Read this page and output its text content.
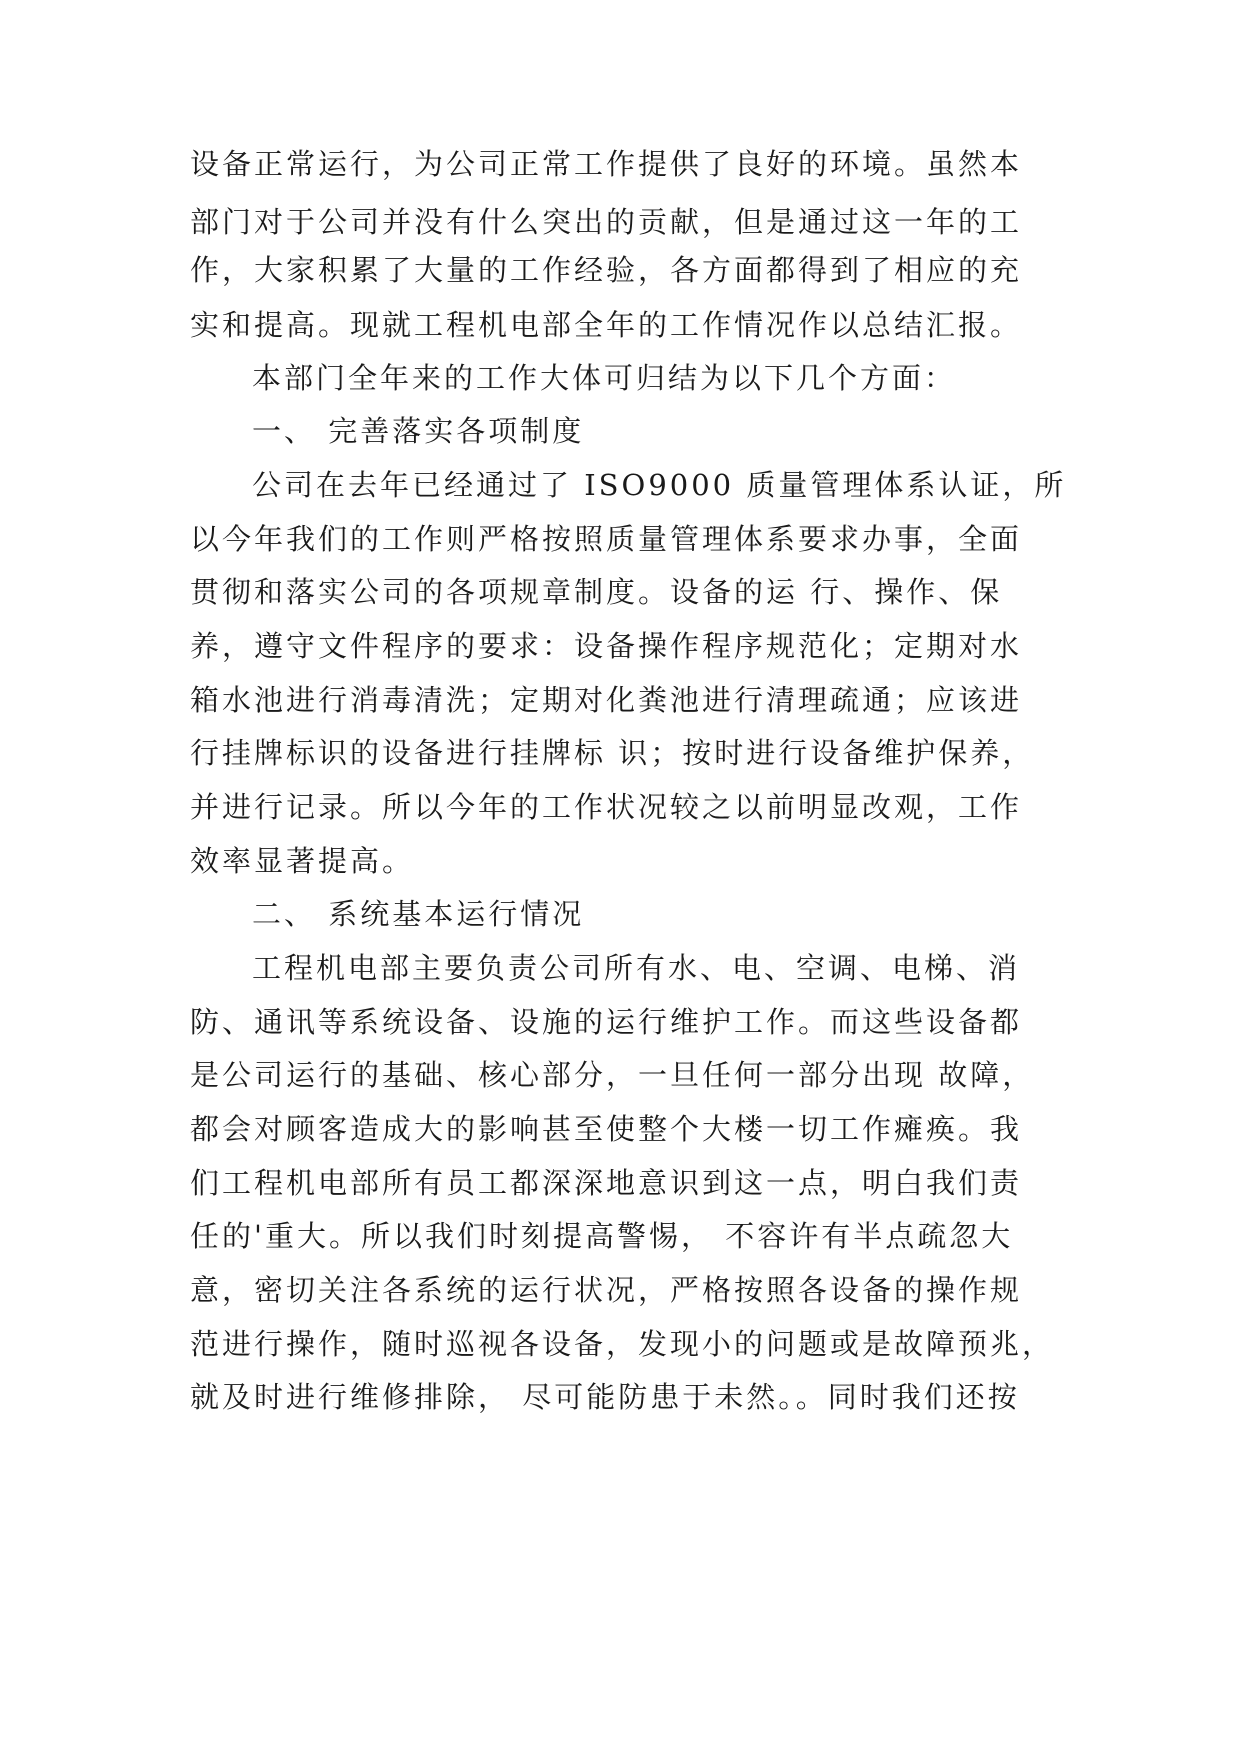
设备正常运行，为公司正常工作提供了良好的环境。虽然本
部门对于公司并没有什么突出的贡献，但是通过这一年的工
作，大家积累了大量的工作经验，各方面都得到了相应的充
实和提高。现就工程机电部全年的工作情况作以总结汇报。
本部门全年来的工作大体可归结为以下几个方面：
一、 完善落实各项制度
公司在去年已经通过了 ISO9000 质量管理体系认证，所
以今年我们的工作则严格按照质量管理体系要求办事，全面
贯彻和落实公司的各项规章制度。设备的运 行、操作、保
养，遵守文件程序的要求：设备操作程序规范化；定期对水
箱水池进行消毒清洗；定期对化粪池进行清理疏通；应该进
行挂牌标识的设备进行挂牌标 识；按时进行设备维护保养，
并进行记录。所以今年的工作状况较之以前明显改观，工作
效率显著提高。
二、 系统基本运行情况
工程机电部主要负责公司所有水、电、空调、电梯、消
防、通讯等系统设备、设施的运行维护工作。而这些设备都
是公司运行的基础、核心部分，一旦任何一部分出现 故障，
都会对顾客造成大的影响甚至使整个大楼一切工作瘫痪。我
们工程机电部所有员工都深深地意识到这一点，明白我们责
任的'重大。所以我们时刻提高警惕， 不容许有半点疏忽大
意，密切关注各系统的运行状况，严格按照各设备的操作规
范进行操作，随时巡视各设备，发现小的问题或是故障预兆，
就及时进行维修排除， 尽可能防患于未然。。同时我们还按
